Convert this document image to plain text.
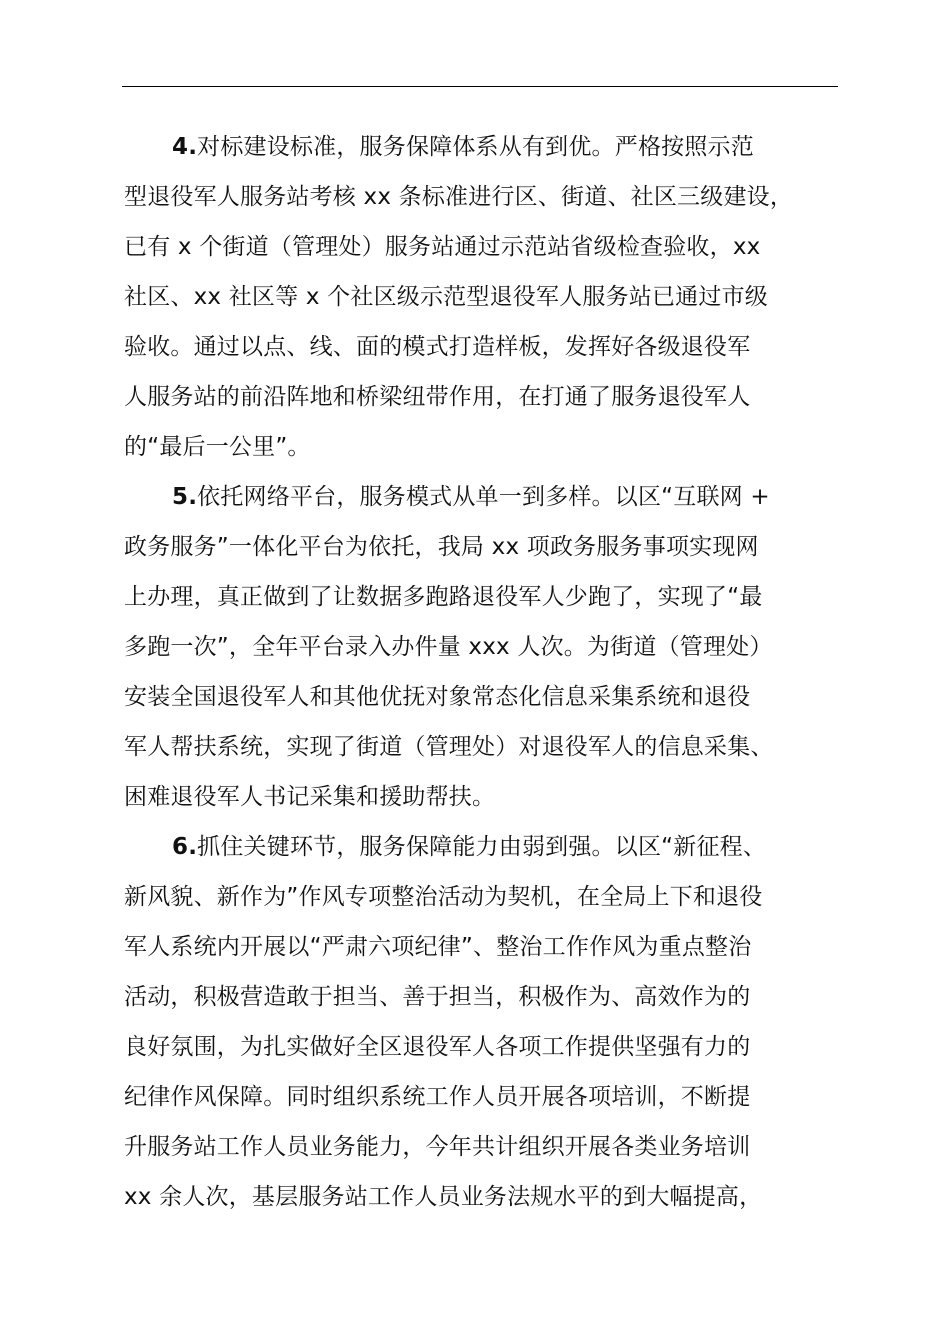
4.对标建设标准，服务保障体系从有到优。严格按照示范
型退役军人服务站考核 xx 条标准进行区、街道、社区三级建设，
已有 x 个街道（管理处）服务站通过示范站省级检查验收，xx
社区、xx 社区等 x 个社区级示范型退役军人服务站已通过市级
验收。通过以点、线、面的模式打造样板，发挥好各级退役军
人服务站的前沿阵地和桥梁纽带作用，在打通了服务退役军人
的“最后一公里”。
5.依托网络平台，服务模式从单一到多样。以区“互联网 +
政务服务”一体化平台为依托，我局 xx 项政务服务事项实现网
上办理，真正做到了让数据多跑路退役军人少跑了，实现了“最
多跑一次”，全年平台录入办件量 xxx 人次。为街道（管理处）
安装全国退役军人和其他优抚对象常态化信息采集系统和退役
军人帮扶系统，实现了街道（管理处）对退役军人的信息采集、
困难退役军人书记采集和援助帮扶。
6.抓住关键环节，服务保障能力由弱到强。以区“新征程、
新风貌、新作为”作风专项整治活动为契机，在全局上下和退役
军人系统内开展以“严肃六项纪律”、整治工作作风为重点整治
活动，积极营造敢于担当、善于担当，积极作为、高效作为的
良好氛围，为扎实做好全区退役军人各项工作提供坚强有力的
纪律作风保障。同时组织系统工作人员开展各项培训，不断提
升服务站工作人员业务能力，今年共计组织开展各类业务培训
xx 余人次，基层服务站工作人员业务法规水平的到大幅提高，
